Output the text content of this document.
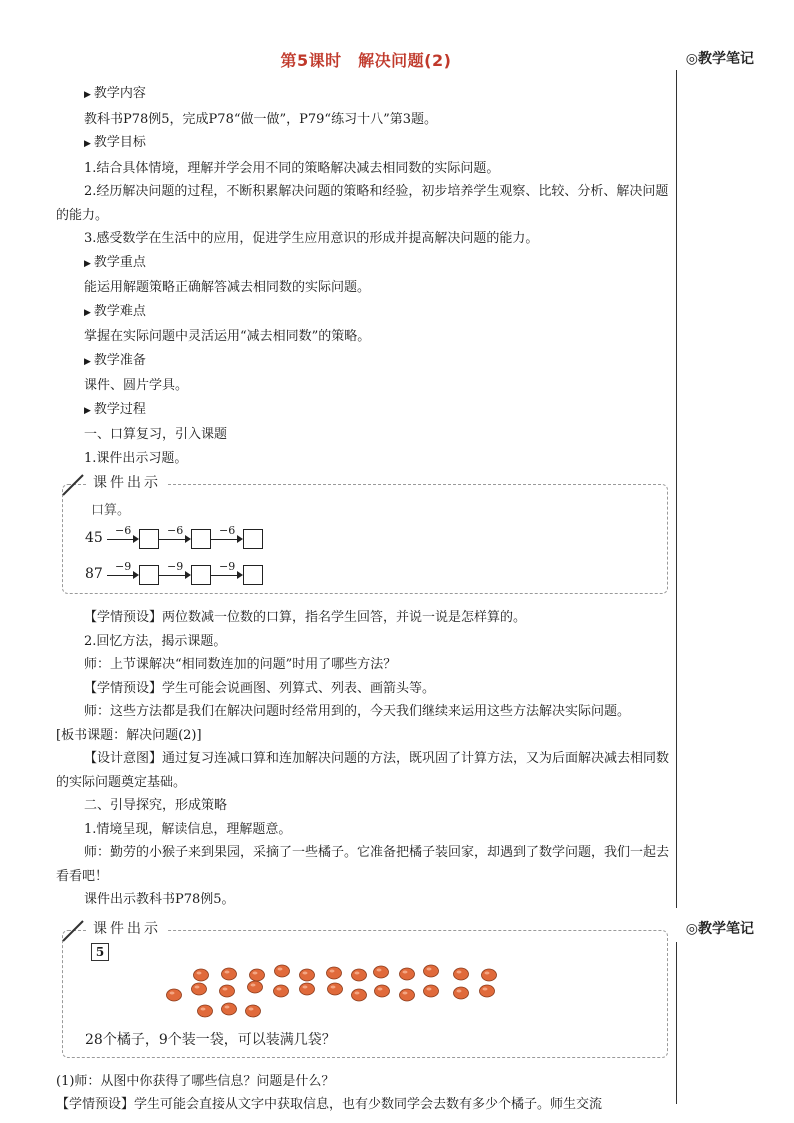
第5课时　解决问题(2)	◎教学笔记
◎教学笔记

▶ 教学内容

教科书P78例5，完成P78“做一做”，P79“练习十八”第3题。

▶ 教学目标

1.结合具体情境，理解并学会用不同的策略解决减去相同数的实际问题。

2.经历解决问题的过程，不断积累解决问题的策略和经验，初步培养学生观察、比较、分析、解决问题的能力。

3.感受数学在生活中的应用，促进学生应用意识的形成并提高解决问题的能力。

▶ 教学重点

能运用解题策略正确解答减去相同数的实际问题。

▶ 教学难点

掌握在实际问题中灵活运用“减去相同数”的策略。

▶ 教学准备

课件、圆片学具。

▶ 教学过程

一、口算复习，引入课题

1.课件出示习题。

课件出示
口算。
45	−6	−6	−6
87	−9	−9	−9

【学情预设】两位数减一位数的口算，指名学生回答，并说一说是怎样算的。

2.回忆方法，揭示课题。

师：上节课解决“相同数连加的问题”时用了哪些方法？

【学情预设】学生可能会说画图、列算式、列表、画箭头等。

师：这些方法都是我们在解决问题时经常用到的，今天我们继续来运用这些方法解决实际问题。

[板书课题：解决问题(2)]

【设计意图】通过复习连减口算和连加解决问题的方法，既巩固了计算方法，又为后面解决减去相同数的实际问题奠定基础。

二、引导探究，形成策略

1.情境呈现，解读信息，理解题意。

师：勤劳的小猴子来到果园，采摘了一些橘子。它准备把橘子装回家，却遇到了数学问题，我们一起去看看吧！

课件出示教科书P78例5。

课件出示
5
28个橘子，9个装一袋，可以装满几袋？

(1)师：从图中你获得了哪些信息？问题是什么？

【学情预设】学生可能会直接从文字中获取信息，也有少数同学会去数有多少个橘子。师生交流
